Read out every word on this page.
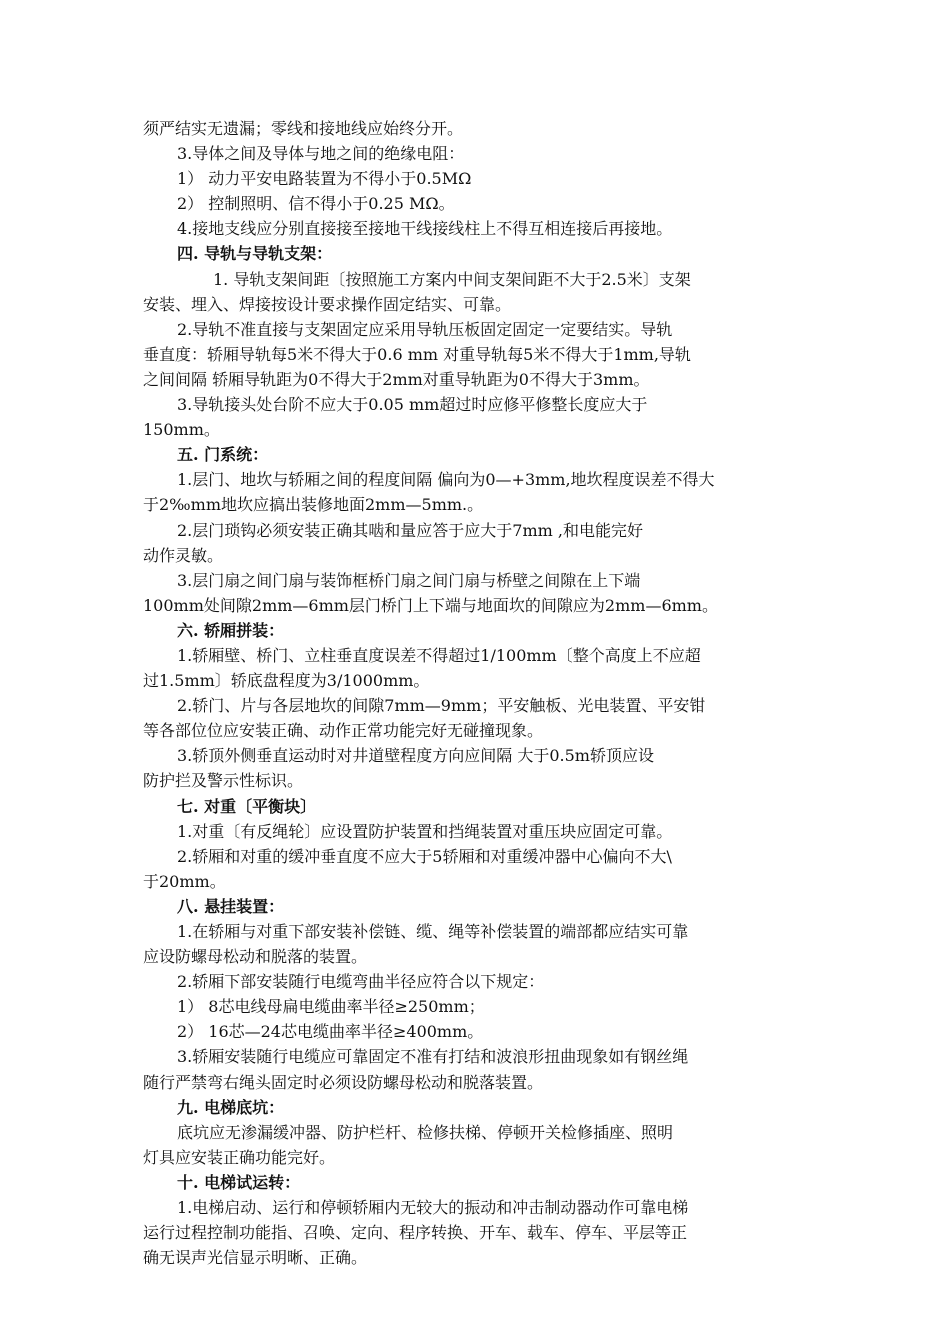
须严结实无遗漏；零线和接地线应始终分开。
3.导体之间及导体与地之间的绝缘电阻：
1） 动力平安电路装置为不得小于0.5MΩ
2） 控制照明、信不得小于0.25 MΩ。
4.接地支线应分别直接接至接地干线接线柱上不得互相连接后再接地。
四. 导轨与导轨支架：
1. 导轨支架间距〔按照施工方案内中间支架间距不大于2.5米〕支架
安装、埋入、焊接按设计要求操作固定结实、可靠。
2.导轨不准直接与支架固定应采用导轨压板固定固定一定要结实。导轨
垂直度：轿厢导轨每5米不得大于0.6 mm 对重导轨每5米不得大于1mm,导轨
之间间隔 轿厢导轨距为0不得大于2mm对重导轨距为0不得大于3mm。
3.导轨接头处台阶不应大于0.05 mm超过时应修平修整长度应大于
150mm。
五. 门系统：
1.层门、地坎与轿厢之间的程度间隔 偏向为0—+3mm,地坎程度误差不得大
于2‰mm地坎应搞出装修地面2mm—5mm.。
2.层门琐钩必须安装正确其啮和量应答于应大于7mm ,和电能完好
动作灵敏。
3.层门扇之间门扇与装饰框桥门扇之间门扇与桥壁之间隙在上下端
100mm处间隙2mm—6mm层门桥门上下端与地面坎的间隙应为2mm—6mm。
六. 轿厢拼装：
1.轿厢壁、桥门、立柱垂直度误差不得超过1/100mm〔整个高度上不应超
过1.5mm〕轿底盘程度为3/1000mm。
2.轿门、片与各层地坎的间隙7mm—9mm；平安触板、光电装置、平安钳
等各部位位应安装正确、动作正常功能完好无碰撞现象。
3.轿顶外侧垂直运动时对井道壁程度方向应间隔 大于0.5m轿顶应设
防护拦及警示性标识。
七. 对重〔平衡块〕
1.对重〔有反绳轮〕应设置防护装置和挡绳装置对重压块应固定可靠。
2.轿厢和对重的缓冲垂直度不应大于5轿厢和对重缓冲器中心偏向不大\
于20mm。
八. 悬挂装置：
1.在轿厢与对重下部安装补偿链、缆、绳等补偿装置的端部都应结实可靠
应设防螺母松动和脱落的装置。
2.轿厢下部安装随行电缆弯曲半径应符合以下规定：
1） 8芯电线母扁电缆曲率半径≥250mm；
2） 16芯—24芯电缆曲率半径≥400mm。
3.轿厢安装随行电缆应可靠固定不准有打结和波浪形扭曲现象如有钢丝绳
随行严禁弯右绳头固定时必须设防螺母松动和脱落装置。
九. 电梯底坑：
底坑应无渗漏缓冲器、防护栏杆、检修扶梯、停顿开关检修插座、照明
灯具应安装正确功能完好。
十. 电梯试运转：
1.电梯启动、运行和停顿轿厢内无较大的振动和冲击制动器动作可靠电梯
运行过程控制功能指、召唤、定向、程序转换、开车、载车、停车、平层等正
确无误声光信显示明晰、正确。
